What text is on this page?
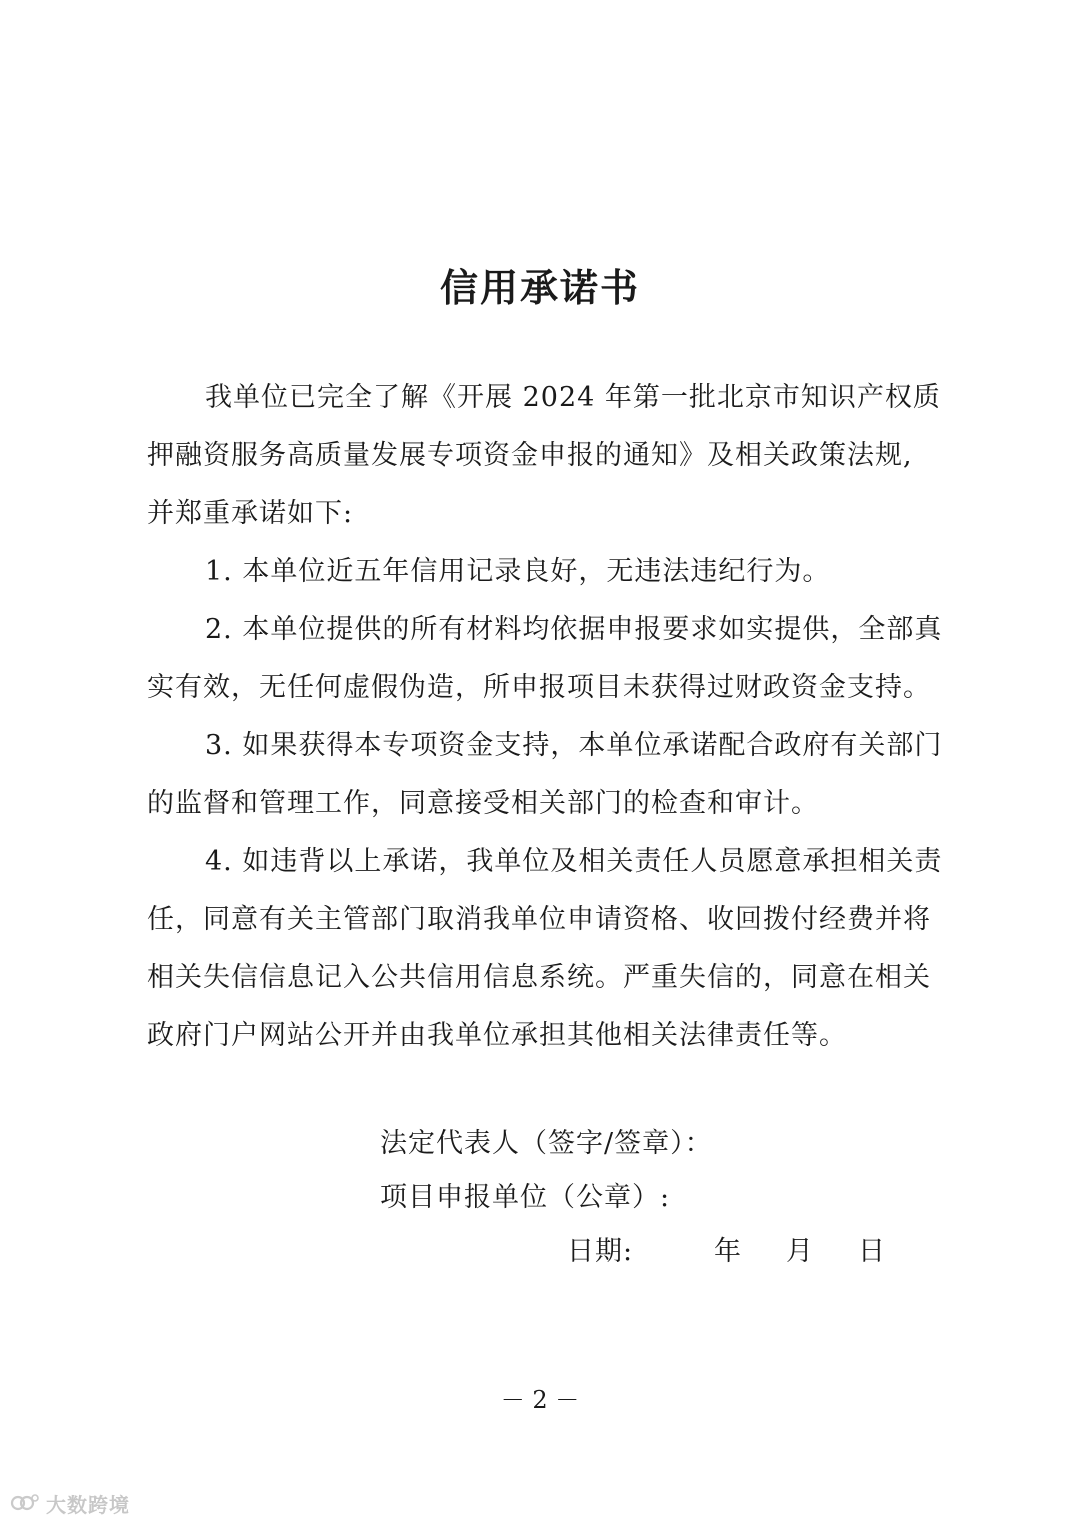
信用承诺书
我单位已完全了解《开展 2024 年第一批北京市知识产权质
押融资服务高质量发展专项资金申报的通知》及相关政策法规,
并郑重承诺如下:
1. 本单位近五年信用记录良好，无违法违纪行为。
2. 本单位提供的所有材料均依据申报要求如实提供，全部真
实有效，无任何虚假伪造，所申报项目未获得过财政资金支持。
3. 如果获得本专项资金支持，本单位承诺配合政府有关部门
的监督和管理工作，同意接受相关部门的检查和审计。
4. 如违背以上承诺，我单位及相关责任人员愿意承担相关责
任，同意有关主管部门取消我单位申请资格、收回拨付经费并将
相关失信信息记入公共信用信息系统。严重失信的，同意在相关
政府门户网站公开并由我单位承担其他相关法律责任等。
法定代表人（签字/签章）：
项目申报单位（公章）:
日期:	年 月 日
－ 2 －
大数跨境
